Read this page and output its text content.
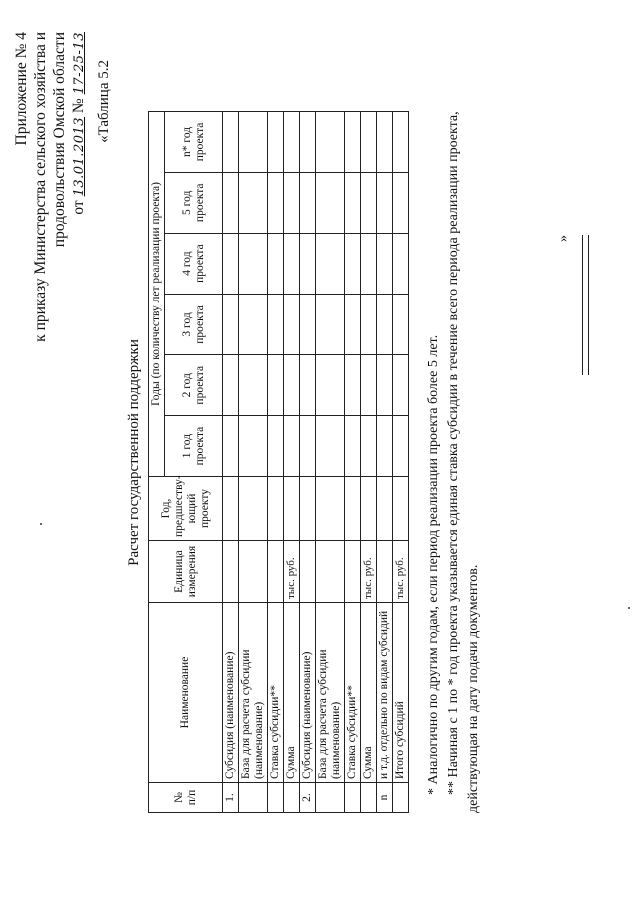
Приложение № 4 к приказу Министерства сельского хозяйства и продовольствия Омской области от 13.01.2013 № 17-25-13 «Таблица 5.2
Расчет государственной поддержки
№ п/п	Наименование	Единица измерения	Год, предшеству-ющий проекту	Годы (по количеству лет реализации проекта)					
				1 год проекта	2 год проекта	3 год проекта	4 год проекта	5 год проекта	n* год проекта
1.	Субсидия (наименование)								
	База для расчета субсидии (наименование)								
	Ставка субсидии**								
	Сумма	тыс. руб.							
2.	Субсидия (наименование)								
	База для расчета субсидии (наименование)								
	Ставка субсидии**								
	Сумма	тыс. руб.							
n	и т.д. отдельно по видам субсидий								
	Итого субсидий	тыс. руб.							* Аналогично по другим годам, если период реализации проекта более 5 лет. ** Начиная с 1 по * год проекта указывается единая ставка субсидии в течение всего периода реализации проекта, действующая на дату подачи документов.
»
